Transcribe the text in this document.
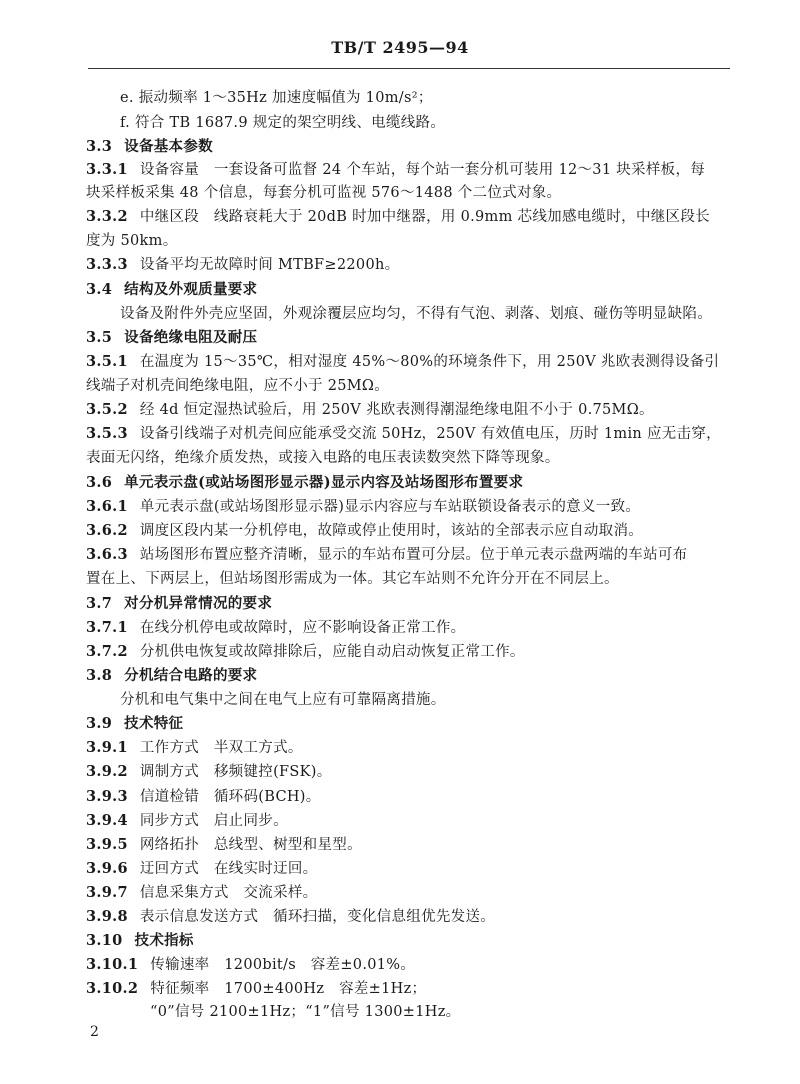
TB/T 2495—94
e. 振动频率 1～35Hz 加速度幅值为 10m/s²；
f. 符合 TB 1687.9 规定的架空明线、电缆线路。
3.3 设备基本参数
3.3.1 设备容量　一套设备可监督 24 个车站，每个站一套分机可装用 12～31 块采样板，每
块采样板采集 48 个信息，每套分机可监视 576～1488 个二位式对象。
3.3.2 中继区段　线路衰耗大于 20dB 时加中继器，用 0.9mm 芯线加感电缆时，中继区段长
度为 50km。
3.3.3 设备平均无故障时间 MTBF≥2200h。
3.4 结构及外观质量要求
设备及附件外壳应坚固，外观涂覆层应均匀，不得有气泡、剥落、划痕、碰伤等明显缺陷。
3.5 设备绝缘电阻及耐压
3.5.1 在温度为 15～35℃，相对湿度 45%～80%的环境条件下，用 250V 兆欧表测得设备引
线端子对机壳间绝缘电阻，应不小于 25MΩ。
3.5.2 经 4d 恒定湿热试验后，用 250V 兆欧表测得潮湿绝缘电阻不小于 0.75MΩ。
3.5.3 设备引线端子对机壳间应能承受交流 50Hz，250V 有效值电压，历时 1min 应无击穿，
表面无闪络，绝缘介质发热，或接入电路的电压表读数突然下降等现象。
3.6 单元表示盘(或站场图形显示器)显示内容及站场图形布置要求
3.6.1 单元表示盘(或站场图形显示器)显示内容应与车站联锁设备表示的意义一致。
3.6.2 调度区段内某一分机停电，故障或停止使用时，该站的全部表示应自动取消。
3.6.3 站场图形布置应整齐清晰，显示的车站布置可分层。位于单元表示盘两端的车站可布
置在上、下两层上，但站场图形需成为一体。其它车站则不允许分开在不同层上。
3.7 对分机异常情况的要求
3.7.1 在线分机停电或故障时，应不影响设备正常工作。
3.7.2 分机供电恢复或故障排除后，应能自动启动恢复正常工作。
3.8 分机结合电路的要求
分机和电气集中之间在电气上应有可靠隔离措施。
3.9 技术特征
3.9.1 工作方式　半双工方式。
3.9.2 调制方式　移频键控(FSK)。
3.9.3 信道检错　循环码(BCH)。
3.9.4 同步方式　启止同步。
3.9.5 网络拓扑　总线型、树型和星型。
3.9.6 迂回方式　在线实时迂回。
3.9.7 信息采集方式　交流采样。
3.9.8 表示信息发送方式　循环扫描，变化信息组优先发送。
3.10 技术指标
3.10.1 传输速率　1200bit/s　容差±0.01%。
3.10.2 特征频率　1700±400Hz　容差±1Hz；
“0”信号 2100±1Hz；“1”信号 1300±1Hz。
2
